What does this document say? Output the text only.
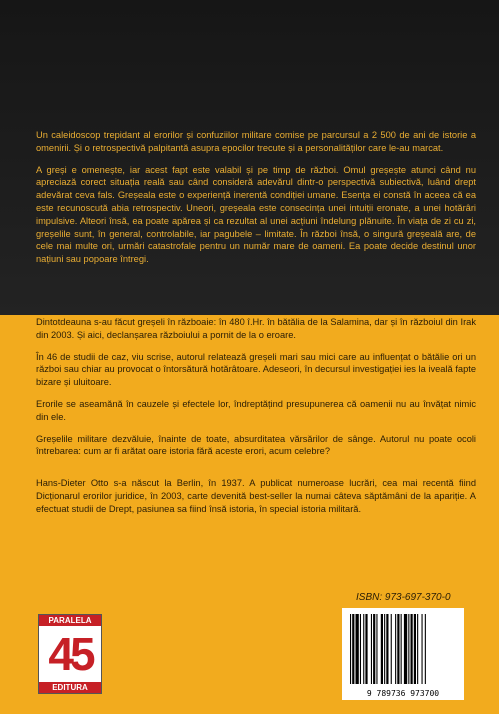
Un caleidoscop trepidant al erorilor și confuziilor militare comise pe parcursul a 2 500 de ani de istorie a omenirii. Și o retrospectivă palpitantă asupra epocilor trecute și a personalităților care le-au marcat.

A greși e omenește, iar acest fapt este valabil și pe timp de război. Omul greșește atunci când nu apreciază corect situația reală sau când consideră adevărul dintr-o perspectivă subiectivă, luând drept adevărat ceva fals. Greșeala este o experiență inerentă condiției umane. Esența ei constă în aceea că ea este recunoscută abia retrospectiv. Uneori, greșeala este consecința unei intuiții eronate, a unei hotărâri impulsive. Alteori însă, ea poate apărea și ca rezultat al unei acțiuni îndelung plănuite. În viața de zi cu zi, greșelile sunt, în general, controlabile, iar pagubele – limitate. În război însă, o singură greșeală are, de cele mai multe ori, urmări catastrofale pentru un număr mare de oameni. Ea poate decide destinul unor națiuni sau popoare întregi.

Dintotdeauna s-au făcut greșeli în războaie: în 480 î.Hr. în bătălia de la Salamina, dar și în războiul din Irak din 2003. Și aici, declanșarea războiului a pornit de la o eroare.

În 46 de studii de caz, viu scrise, autorul relatează greșeli mari sau mici care au influențat o bătălie ori un război sau chiar au provocat o întorsătură hotărâtoare. Adeseori, în decursul investigației ies la iveală fapte bizare și uluitoare.

Erorile se aseamănă în cauzele și efectele lor, îndreptățind presupunerea că oamenii nu au învățat nimic din ele.

Greșelile militare dezvăluie, înainte de toate, absurditatea vărsărilor de sânge. Autorul nu poate ocoli întrebarea: cum ar fi arătat oare istoria fără aceste erori, acum celebre?

Hans-Dieter Otto s-a născut la Berlin, în 1937. A publicat numeroase lucrări, cea mai recentă fiind Dicționarul erorilor juridice, în 2003, carte devenită best-seller la numai câteva săptămâni de la apariție. A efectuat studii de Drept, pasiunea sa fiind însă istoria, în special istoria militară.

ISBN: 973-697-370-0
PARALELA
45
EDITURA
9 789736 973700
